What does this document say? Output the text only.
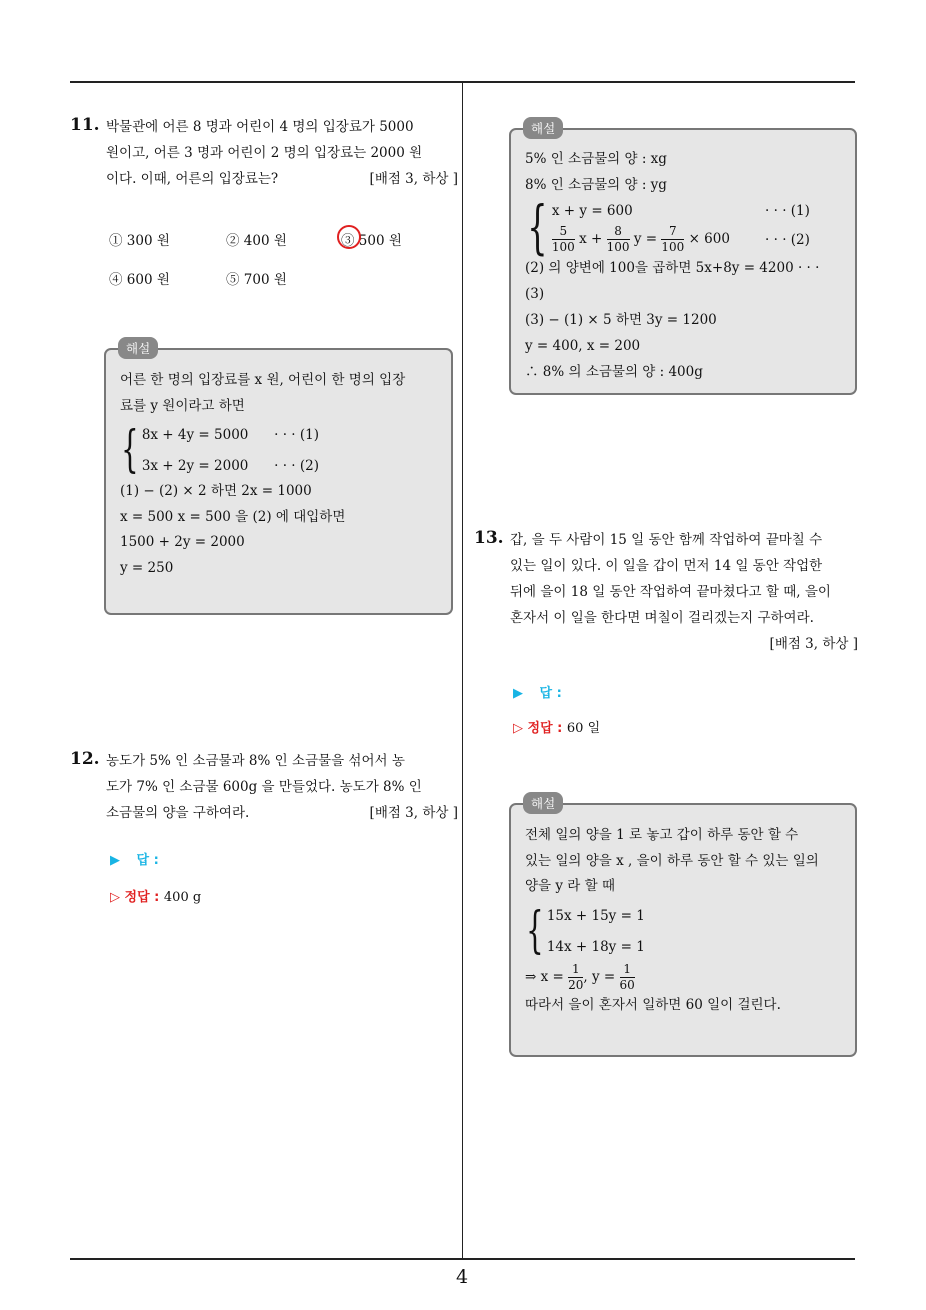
11. 박물관에 어른 8 명과 어린이 4 명의 입장료가 5000
원이고, 어른 3 명과 어린이 2 명의 입장료는 2000 원
이다. 이때, 어른의 입장료는?	[배점 3, 하상 ]
① 300 원	② 400 원	③ 500 원
④ 600 원	⑤ 700 원
어른 한 명의 입장료를 x 원, 어린이 한 명의 입장
료를 y 원이라고 하면
{ 8x + 4y = 5000      · · · (1)
3x + 2y = 2000      · · · (2)
(1) − (2) × 2 하면 2x = 1000
x = 500 x = 500 을 (2) 에 대입하면
1500 + 2y = 2000
y = 250
해설
12. 농도가 5% 인 소금물과 8% 인 소금물을 섞어서 농
도가 7% 인 소금물 600g 을 만들었다. 농도가 8% 인
소금물의 양을 구하여라.	[배점 3, 하상 ]
▶ 답 :
▷ 정답 : 400 g
5% 인 소금물의 양 : xg
8% 인 소금물의 양 : yg
{ x + y = 600	· · · (1)
$\frac{5}{100}$ $x + \frac{8}{100}$ $y = \frac{7}{100} \times 600$	· · · (2)
(2) 의 양변에 100을 곱하면 5x+8y = 4200 · · · (3)
(3) − (1) × 5 하면 3y = 1200
y = 400, x = 200
∴ 8% 의 소금물의 양 : 400g
해설
13. 갑, 을 두 사람이 15 일 동안 함께 작업하여 끝마칠 수
있는 일이 있다. 이 일을 갑이 먼저 14 일 동안 작업한
뒤에 을이 18 일 동안 작업하여 끝마쳤다고 할 때, 을이
혼자서 이 일을 한다면 며칠이 걸리겠는지 구하여라.
[배점 3, 하상 ]
▶ 답 :
▷ 정답 : 60 일
전체 일의 양을 1 로 놓고 갑이 하루 동안 할 수
있는 일의 양을 x , 을이 하루 동안 할 수 있는 일의
양을 y 라 할 때
{ 15x + 15y = 1
14x + 18y = 1
⇒ $x = \frac{1}{20}$ , $y = \frac{1}{60}$
따라서 을이 혼자서 일하면 60 일이 걸린다.
해설
4
